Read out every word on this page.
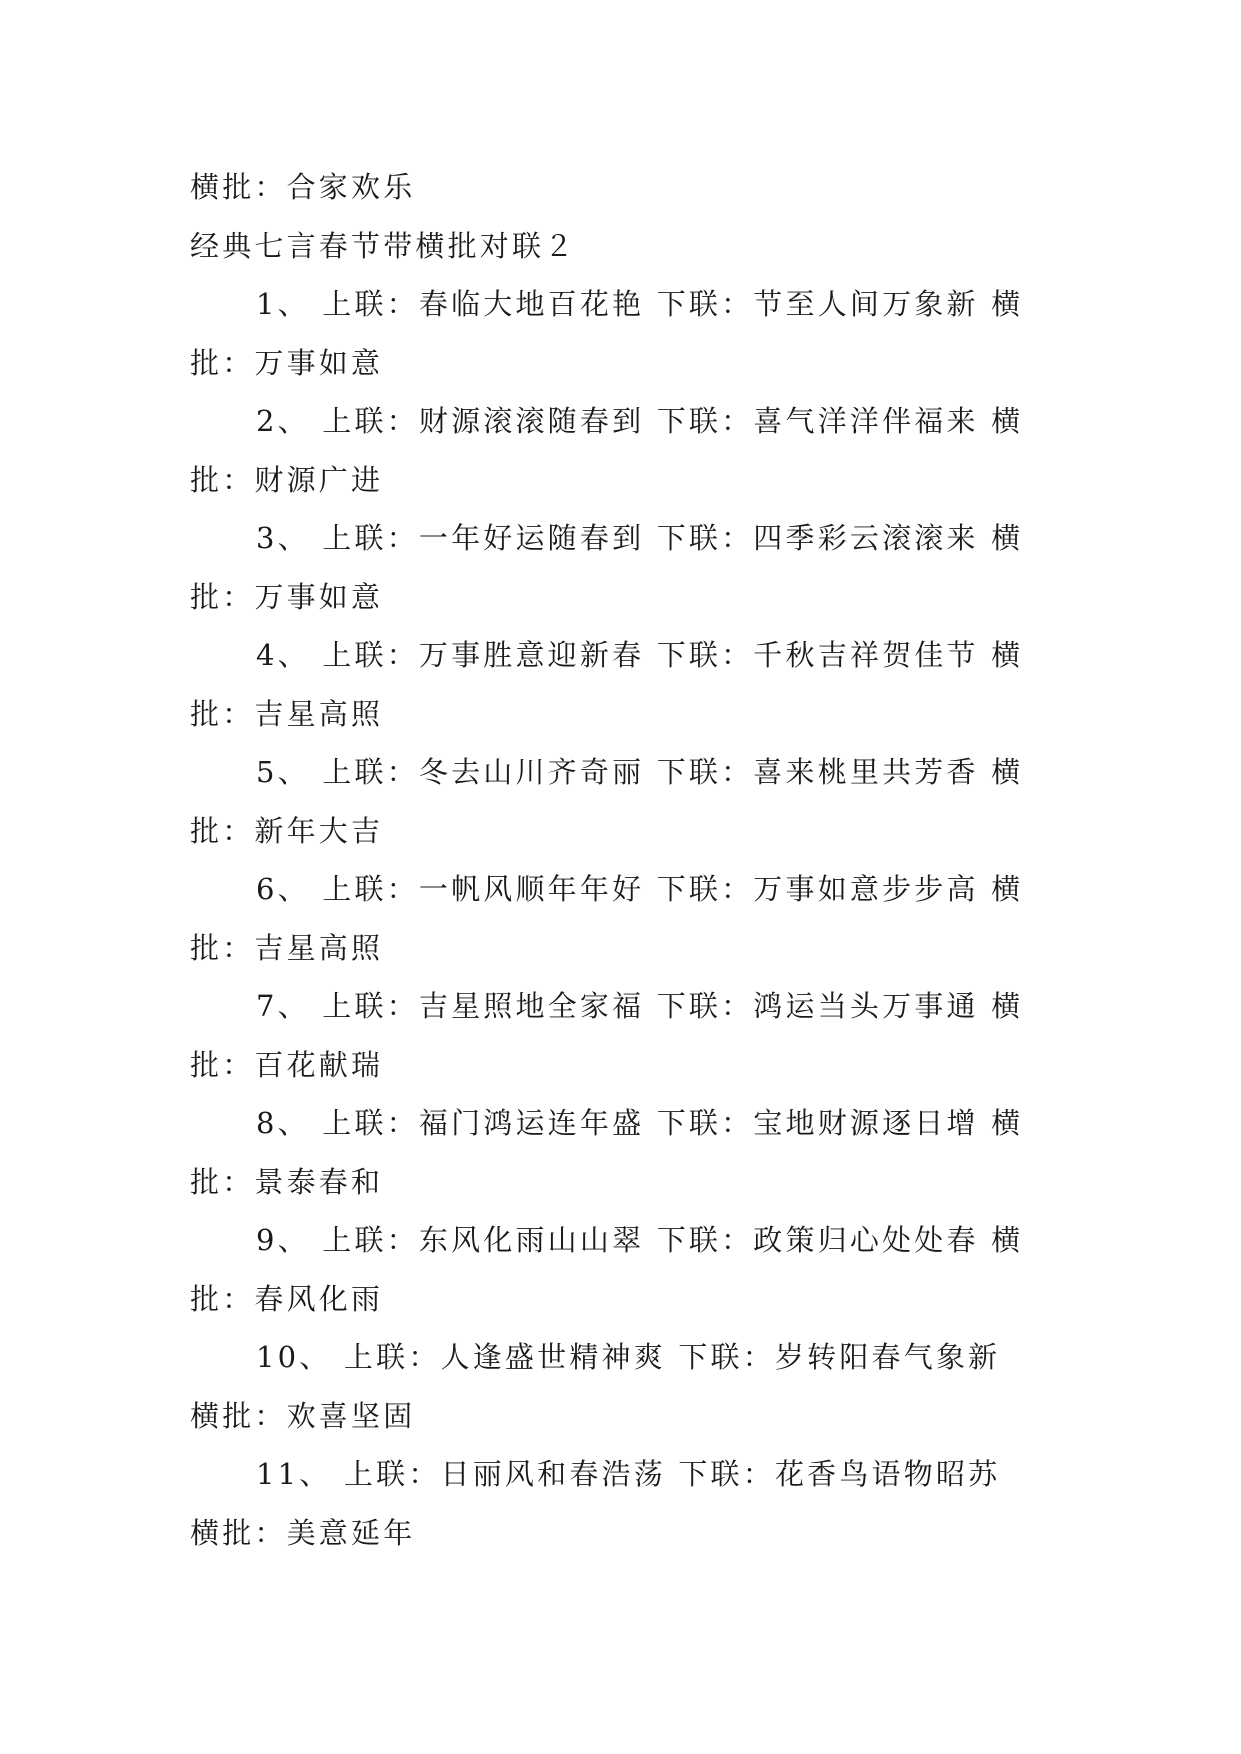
横批：合家欢乐
经典七言春节带横批对联２
1、 上联：春临大地百花艳 下联：节至人间万象新 横
批：万事如意
2、 上联：财源滚滚随春到 下联：喜气洋洋伴福来 横
批：财源广进
3、 上联：一年好运随春到 下联：四季彩云滚滚来 横
批：万事如意
4、 上联：万事胜意迎新春 下联：千秋吉祥贺佳节 横
批：吉星高照
5、 上联：冬去山川齐奇丽 下联：喜来桃里共芳香 横
批：新年大吉
6、 上联：一帆风顺年年好 下联：万事如意步步高 横
批：吉星高照
7、 上联：吉星照地全家福 下联：鸿运当头万事通 横
批：百花献瑞
8、 上联：福门鸿运连年盛 下联：宝地财源逐日增 横
批：景泰春和
9、 上联：东风化雨山山翠 下联：政策归心处处春 横
批：春风化雨
10、 上联：人逢盛世精神爽 下联：岁转阳春气象新
横批：欢喜坚固
11、 上联：日丽风和春浩荡 下联：花香鸟语物昭苏
横批：美意延年
